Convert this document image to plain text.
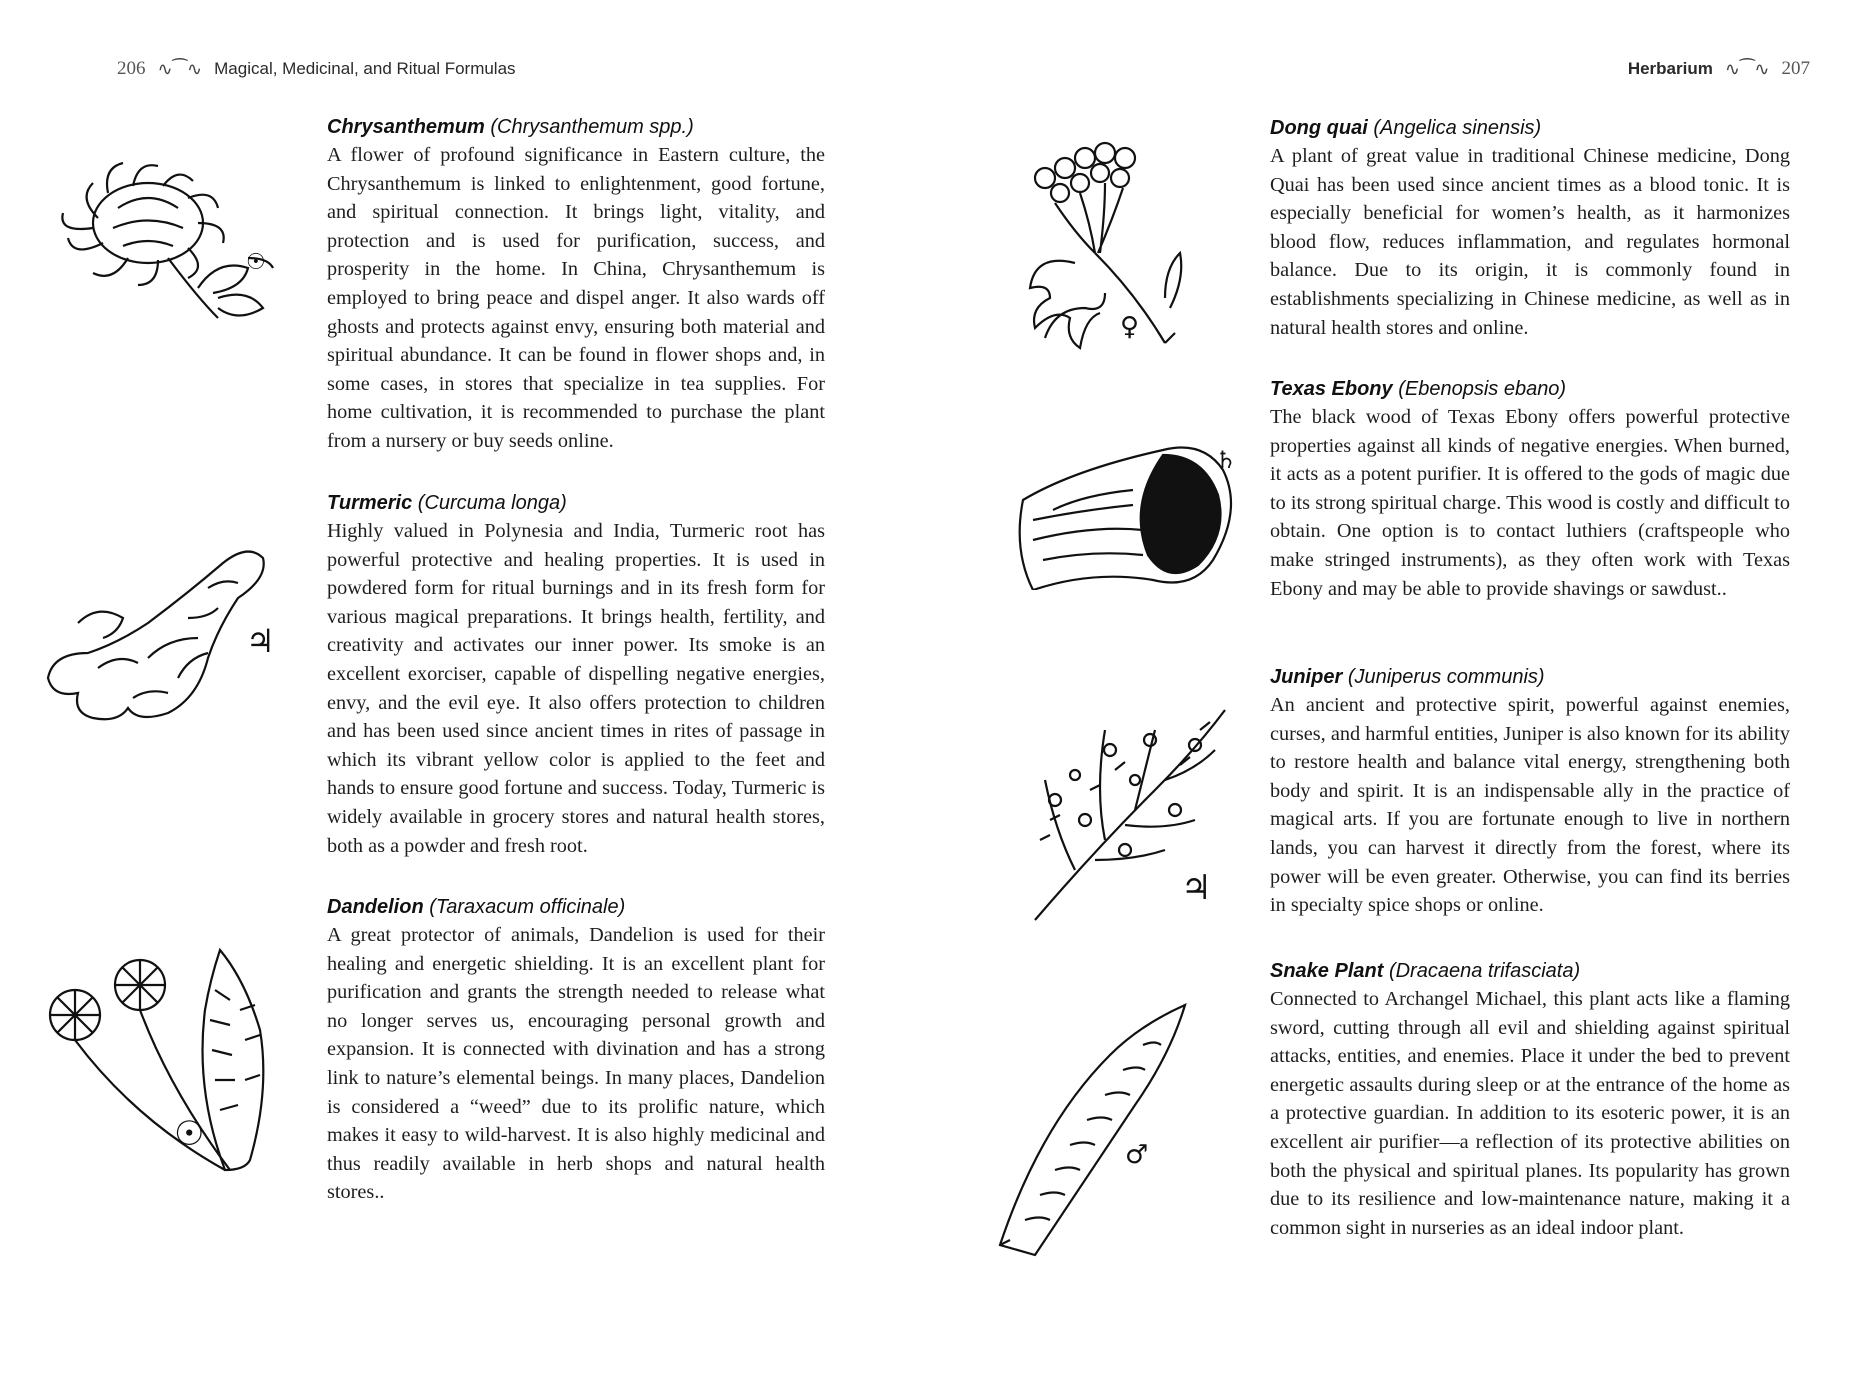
206 ∿⁀∿ Magical, Medicinal, and Ritual Formulas
☉
Chrysanthemum (Chrysanthemum spp.)

A flower of profound significance in Eastern culture, the Chrysanthemum is linked to enlightenment, good fortune, and spiritual connection. It brings light, vitality, and protection and is used for purification, success, and prosperity in the home. In China, Chrysanthemum is employed to bring peace and dispel anger. It also wards off ghosts and protects against envy, ensuring both material and spiritual abundance. It can be found in flower shops and, in some cases, in stores that specialize in tea supplies. For home cultivation, it is recommended to purchase the plant from a nursery or buy seeds online.

♃
Turmeric (Curcuma longa)

Highly valued in Polynesia and India, Turmeric root has powerful protective and healing properties. It is used in powdered form for ritual burnings and in its fresh form for various magical preparations. It brings health, fertility, and creativity and activates our inner power. Its smoke is an excellent exorciser, capable of dispelling negative energies, envy, and the evil eye. It also offers protection to children and has been used since ancient times in rites of passage in which its vibrant yellow color is applied to the feet and hands to ensure good fortune and success. Today, Turmeric is widely available in grocery stores and natural health stores, both as a powder and fresh root.

☉
Dandelion (Taraxacum officinale)

A great protector of animals, Dandelion is used for their healing and energetic shielding. It is an excellent plant for purification and grants the strength needed to release what no longer serves us, encouraging personal growth and expansion. It is connected with divination and has a strong link to nature’s elemental beings. In many places, Dandelion is considered a “weed” due to its prolific nature, which makes it easy to wild-harvest. It is also highly medicinal and thus readily available in herb shops and natural health stores..

Herbarium ∿⁀∿ 207
♀
Dong quai (Angelica sinensis)

A plant of great value in traditional Chinese medicine, Dong Quai has been used since ancient times as a blood tonic. It is especially beneficial for women’s health, as it harmonizes blood flow, reduces inflammation, and regulates hormonal balance. Due to its origin, it is commonly found in establishments specializing in Chinese medicine, as well as in natural health stores and online.

♄
Texas Ebony (Ebenopsis ebano)

The black wood of Texas Ebony offers powerful protective properties against all kinds of negative energies. When burned, it acts as a potent purifier. It is offered to the gods of magic due to its strong spiritual charge. This wood is costly and difficult to obtain. One option is to contact luthiers (craftspeople who make stringed instruments), as they often work with Texas Ebony and may be able to provide shavings or sawdust..

♃
Juniper (Juniperus communis)

An ancient and protective spirit, powerful against enemies, curses, and harmful entities, Juniper is also known for its ability to restore health and balance vital energy, strengthening both body and spirit. It is an indispensable ally in the practice of magical arts. If you are fortunate enough to live in northern lands, you can harvest it directly from the forest, where its power will be even greater. Otherwise, you can find its berries in specialty spice shops or online.

♂
Snake Plant (Dracaena trifasciata)

Connected to Archangel Michael, this plant acts like a flaming sword, cutting through all evil and shielding against spiritual attacks, entities, and enemies. Place it under the bed to prevent energetic assaults during sleep or at the entrance of the home as a protective guardian. In addition to its esoteric power, it is an excellent air purifier—a reflection of its protective abilities on both the physical and spiritual planes. Its popularity has grown due to its resilience and low-maintenance nature, making it a common sight in nurseries as an ideal indoor plant.
